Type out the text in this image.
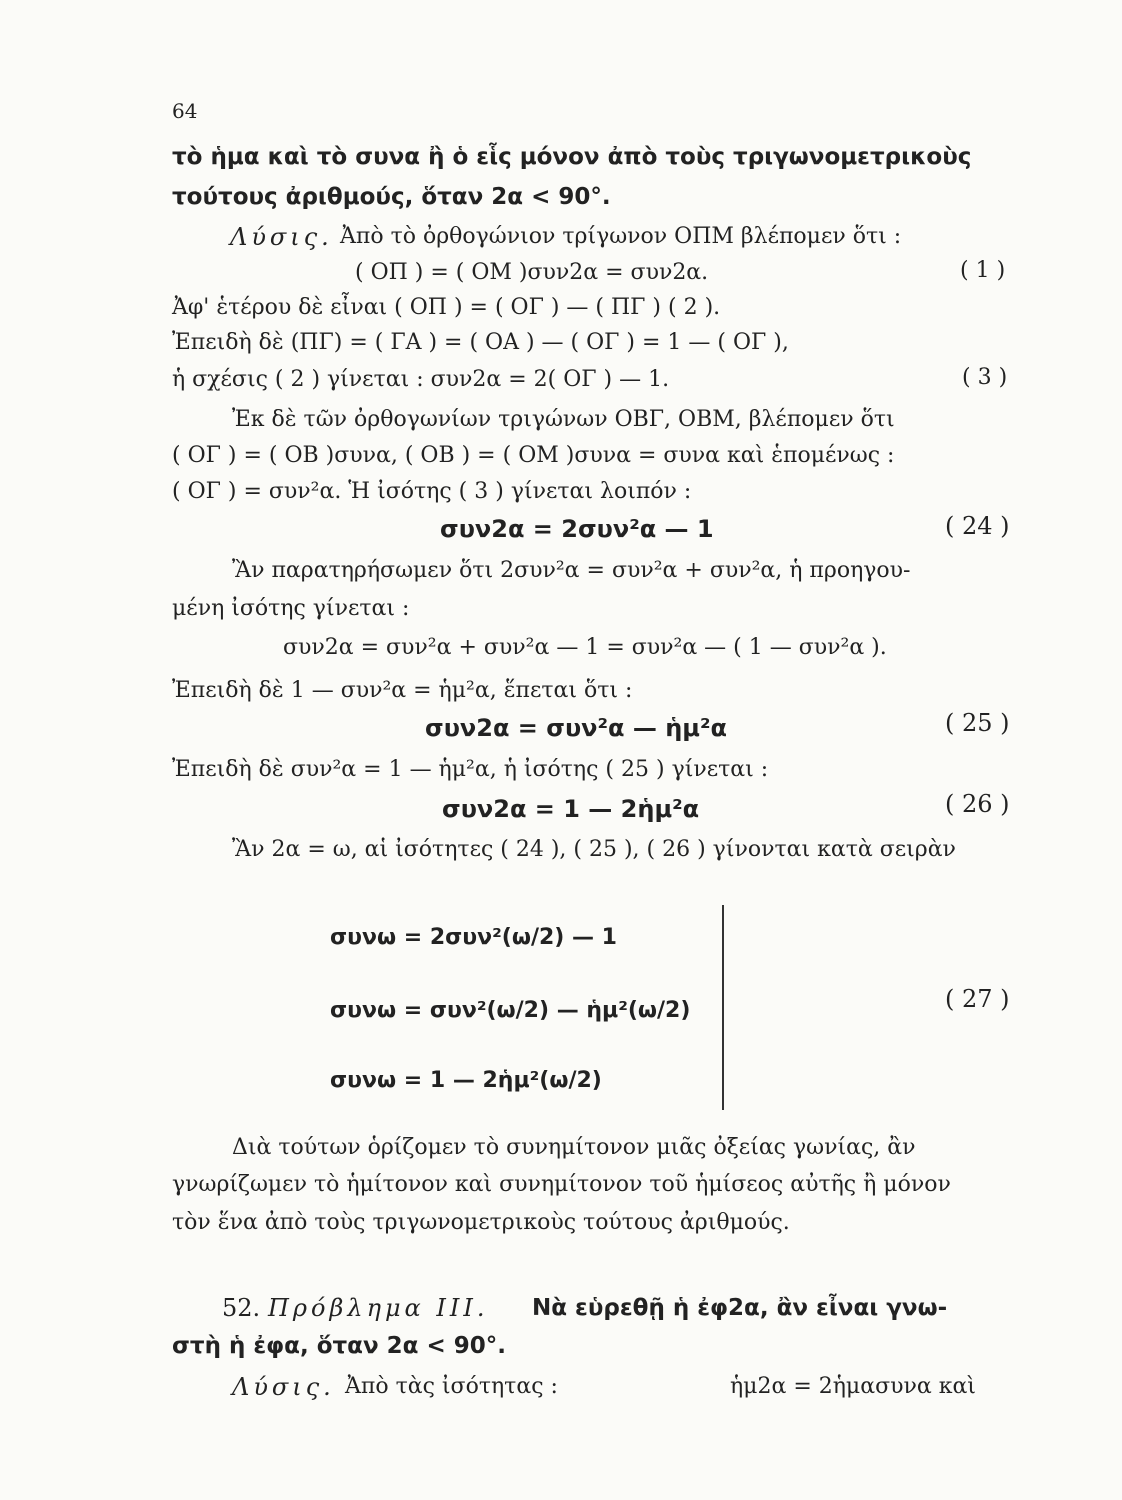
64
τὸ ἡμα καὶ τὸ συνα ἢ ὁ εἷς μόνον ἀπὸ τοὺς τριγωνομετρικοὺς
τούτους ἀριθμούς, ὅταν 2α < 90°.
Λύσις. Ἀπὸ τὸ ὀρθογώνιον τρίγωνον ΟΠΜ βλέπομεν ὅτι :
( ΟΠ ) = ( ΟΜ )συν2α = συν2α.	( 1 )
Ἀφ' ἑτέρου δὲ εἶναι ( ΟΠ ) = ( ΟΓ ) — ( ΠΓ ) ( 2 ).
Ἐπειδὴ δὲ (ΠΓ) = ( ΓΑ ) = ( ΟΑ ) — ( ΟΓ ) = 1 — ( ΟΓ ),
ἡ σχέσις ( 2 ) γίνεται : συν2α = 2( ΟΓ ) — 1.	( 3 )
Ἐκ δὲ τῶν ὀρθογωνίων τριγώνων ΟΒΓ, ΟΒΜ, βλέπομεν ὅτι
( ΟΓ ) = ( ΟΒ )συνα, ( ΟΒ ) = ( ΟΜ )συνα = συνα καὶ ἑπομένως :
( ΟΓ ) = συν²α. Ἡ ἰσότης ( 3 ) γίνεται λοιπόν :
συν2α = 2συν²α — 1	( 24 )
Ἂν παρατηρήσωμεν ὅτι 2συν²α = συν²α + συν²α, ἡ προηγου-
μένη ἰσότης γίνεται :
συν2α = συν²α + συν²α — 1 = συν²α — ( 1 — συν²α ).
Ἐπειδὴ δὲ 1 — συν²α = ἡμ²α, ἕπεται ὅτι :
συν2α = συν²α — ἡμ²α	( 25 )
Ἐπειδὴ δὲ συν²α = 1 — ἡμ²α, ἡ ἰσότης ( 25 ) γίνεται :
συν2α = 1 — 2ἡμ²α	( 26 )
Ἂν 2α = ω, αἱ ἰσότητες ( 24 ), ( 25 ), ( 26 ) γίνονται κατὰ σειρὰν
συνω = 2συν²(ω/2) — 1
συνω = συν²(ω/2) — ἡμ²(ω/2)
συνω = 1 — 2ἡμ²(ω/2)
( 27 )
Διὰ τούτων ὁρίζομεν τὸ συνημίτονον μιᾶς ὀξείας γωνίας, ἂν
γνωρίζωμεν τὸ ἡμίτονον καὶ συνημίτονον τοῦ ἡμίσεος αὐτῆς ἢ μόνον
τὸν ἕνα ἀπὸ τοὺς τριγωνομετρικοὺς τούτους ἀριθμούς.
52. Πρόβλημα ΙΙΙ. Νὰ εὑρεθῇ ἡ ἐφ2α, ἂν εἶναι γνω-
στὴ ἡ ἐφα, ὅταν 2α < 90°.
Λύσις. Ἀπὸ τὰς ἰσότητας :	ἡμ2α = 2ἡμασυνα καὶ
